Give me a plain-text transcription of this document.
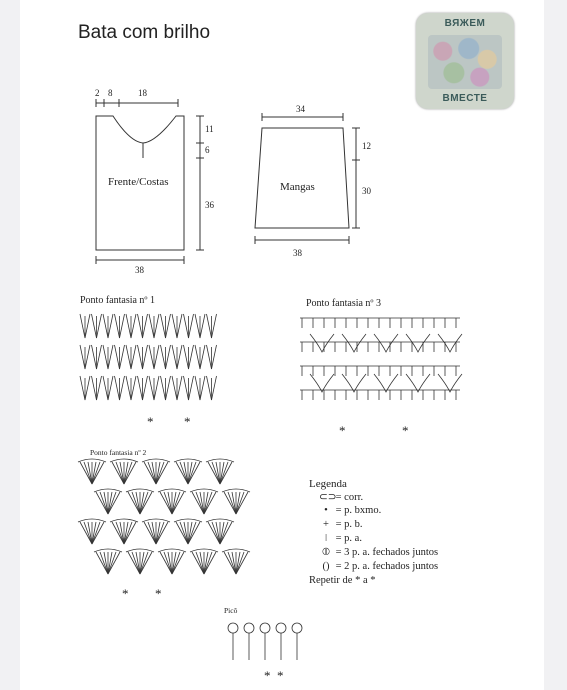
Bata com brilho	ВЯЖЕМ
ВМЕСТЕ
Frente/Costas
2 8	18
11
6
36
38
Mangas
34
12
30
38
Ponto fantasia nº 1	Ponto fantasia nº 3
Ponto fantasia nº 2
Picô
* *
*	*
* *
* *
Legenda
⊂⊃ = corr.
• = p. bxmo.
+ = p. b.
ǀ = p. a.
⦶ = 3 p. a. fechados juntos
() = 2 p. a. fechados juntos
Repetir de * a *
